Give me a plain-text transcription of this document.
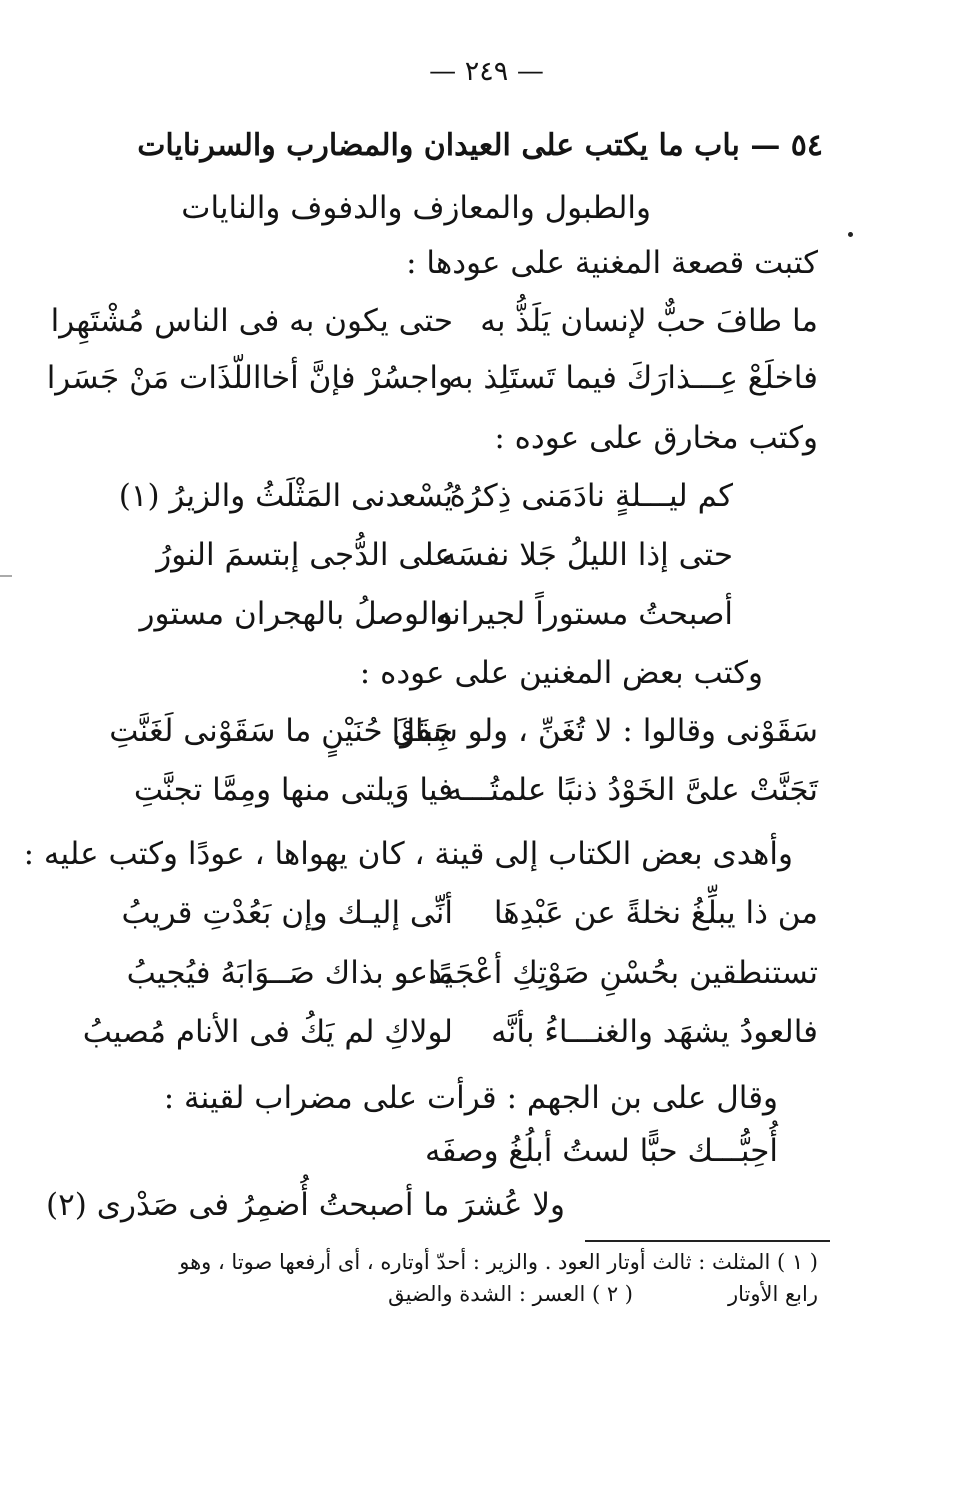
— ٢٤٩ —
٥٤ — باب ما يكتب على العيدان والمضارب والسرنايات
والطبول والمعازف والدفوف والنايات
كتبت قصعة المغنية على عودها :
ما طافَ حبٌّ لإنسان يَلَذُّ به
حتى يكون به فى الناس مُشْتَهِرا
فاخلَعْ عِـــذارَكَ فيما تَستَلِذ به
واجسُرْ فإنَّ أخااللّذَات مَنْ جَسَرا
وكتب مخارق على عوده :
كم ليـــلةٍ نادَمَنى ذِكرُهُ
يُسْعدنى المَثْلَثُ والزيرُ (١)
حتى إذا الليلُ جَلا نفسَه
على الدُّجى إبتسمَ النورُ
أصبحتُ مستوراً لجيرانه
والوصلُ بالهجران مستور
وكتب بعض المغنين على عوده :
سَقَوْنى وقالوا : لا تُغَنِّ ، ولو سَقَوْا
جِبالَ حُنَيْنٍ ما سَقَوْنى لَغَنَّتِ
تَجَنَّتْ علىَّ الخَوْدُ ذنبًا علمتُـــه
فيا وَيلتى منها ومِمَّا تجنَّتِ
وأهدى بعض الكتاب إلى قينة ، كان يهواها ، عودًا وكتب عليه :
من ذا يبلِّغُ نخلةً عن عَبْدِهَا
أنِّى إليـك وإن بَعُدْتِ قريبُ
تستنطقين بحُسْنِ صَوْتِكِ أعْجَمًا
يدعو بذاك صَــوَابَهُ فيُجيبُ
فالعودُ يشهَد والغنـــاءُ بأنَّه
لولاكِ لم يَكُ فى الأنام مُصيبُ
وقال على بن الجهم : قرأت على مضراب لقينة :
أُحِبُّـــك حبًّا لستُ أبلُغُ وصفَه
ولا عُشرَ ما أصبحتُ أُضمِرُ فى صَدْرى (٢)
( ١ ) المثلث : ثالث أوتار العود . والزير : أحدّ أوتاره ، أى أرفعها صوتا ، وهو
رابع الأوتار
( ٢ ) العسر : الشدة والضيق
